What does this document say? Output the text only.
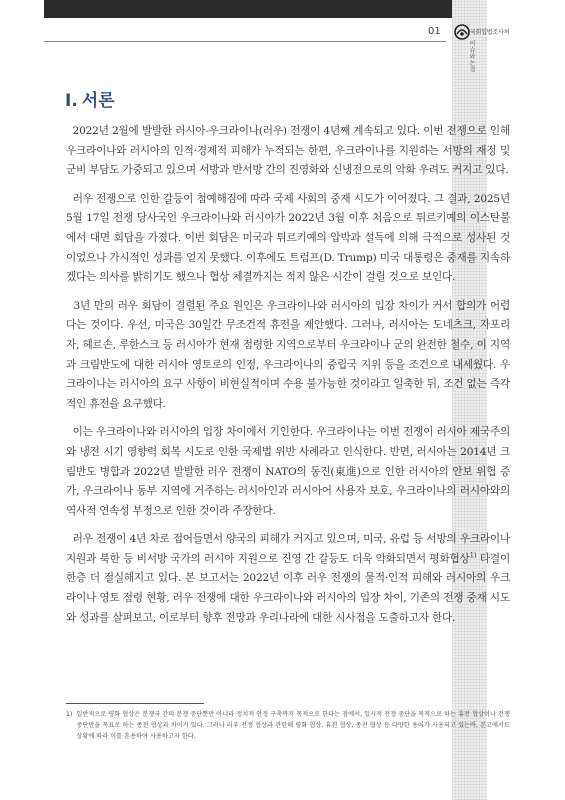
01	국회입법조사처
이슈와논점
Ⅰ. 서론

2022년 2월에 발발한 러시아-우크라이나(러우) 전쟁이 4년째 계속되고 있다. 이번 전쟁으로 인해 우크라이나와 러시아의 인적·경제적 피해가 누적되는 한편, 우크라이나를 지원하는 서방의 재정 및 군비 부담도 가중되고 있으며 서방과 반서방 간의 진영화와 신냉전으로의 악화 우려도 커지고 있다.

러우 전쟁으로 인한 갈등이 첨예해짐에 따라 국제 사회의 중재 시도가 이어졌다. 그 결과, 2025년 5월 17일 전쟁 당사국인 우크라이나와 러시아가 2022년 3월 이후 처음으로 튀르키예의 이스탄불에서 대면 회담을 가졌다. 이번 회담은 미국과 튀르키예의 압박과 설득에 의해 극적으로 성사된 것이었으나 가시적인 성과를 얻지 못했다. 이후에도 트럼프(D. Trump) 미국 대통령은 중재를 지속하겠다는 의사를 밝히기도 했으나 협상 체결까지는 적지 않은 시간이 걸릴 것으로 보인다.

3년 만의 러우 회담이 결렬된 주요 원인은 우크라이나와 러시아의 입장 차이가 커서 합의가 어렵다는 것이다. 우선, 미국은 30일간 무조건적 휴전을 제안했다. 그러나, 러시아는 도네츠크, 자포리자, 헤르손, 루한스크 등 러시아가 현재 점령한 지역으로부터 우크라이나 군의 완전한 철수, 이 지역과 크림반도에 대한 러시아 영토로의 인정, 우크라이나의 중립국 지위 등을 조건으로 내세웠다. 우크라이나는 러시아의 요구 사항이 비현실적이며 수용 불가능한 것이라고 일축한 뒤, 조건 없는 즉각적인 휴전을 요구했다.

이는 우크라이나와 러시아의 입장 차이에서 기인한다. 우크라이나는 이번 전쟁이 러시아 제국주의와 냉전 시기 영향력 회복 시도로 인한 국제법 위반 사례라고 인식한다. 반면, 러시아는 2014년 크림반도 병합과 2022년 발발한 러우 전쟁이 NATO의 동진(東進)으로 인한 러시아의 안보 위협 증가, 우크라이나 동부 지역에 거주하는 러시아인과 러시아어 사용자 보호, 우크라이나의 러시아와의 역사적 연속성 부정으로 인한 것이라 주장한다.

러우 전쟁이 4년 차로 접어들면서 양국의 피해가 커지고 있으며, 미국, 유럽 등 서방의 우크라이나 지원과 북한 등 비서방 국가의 러시아 지원으로 진영 간 갈등도 더욱 악화되면서 평화협상$^{1)}$ 타결이 한층 더 절실해지고 있다. 본 보고서는 2022년 이후 러우 전쟁의 물적·인적 피해와 러시아의 우크라이나 영토 점령 현황, 러우 전쟁에 대한 우크라이나와 러시아의 입장 차이, 기존의 전쟁 중재 시도와 성과를 살펴보고, 이로부터 향후 전망과 우리나라에 대한 시사점을 도출하고자 한다.

1) 일반적으로 평화 협상은 분쟁국 간의 분쟁 중단뿐만 아니라 정치적 안정 구축까지 목적으로 한다는 점에서, 일시적 전쟁 중단을 목적으로 하는 휴전 협상이나 전쟁 중단만을 목표로 하는 종전 협상과 차이가 있다. 그러나 러우 전쟁 협상과 관련해 평화 협상, 휴전 협상, 종전 협상 등 다양한 용어가 사용되고 있는바, 본고에서도 상황에 따라 이를 혼용하여 사용하고자 한다.
